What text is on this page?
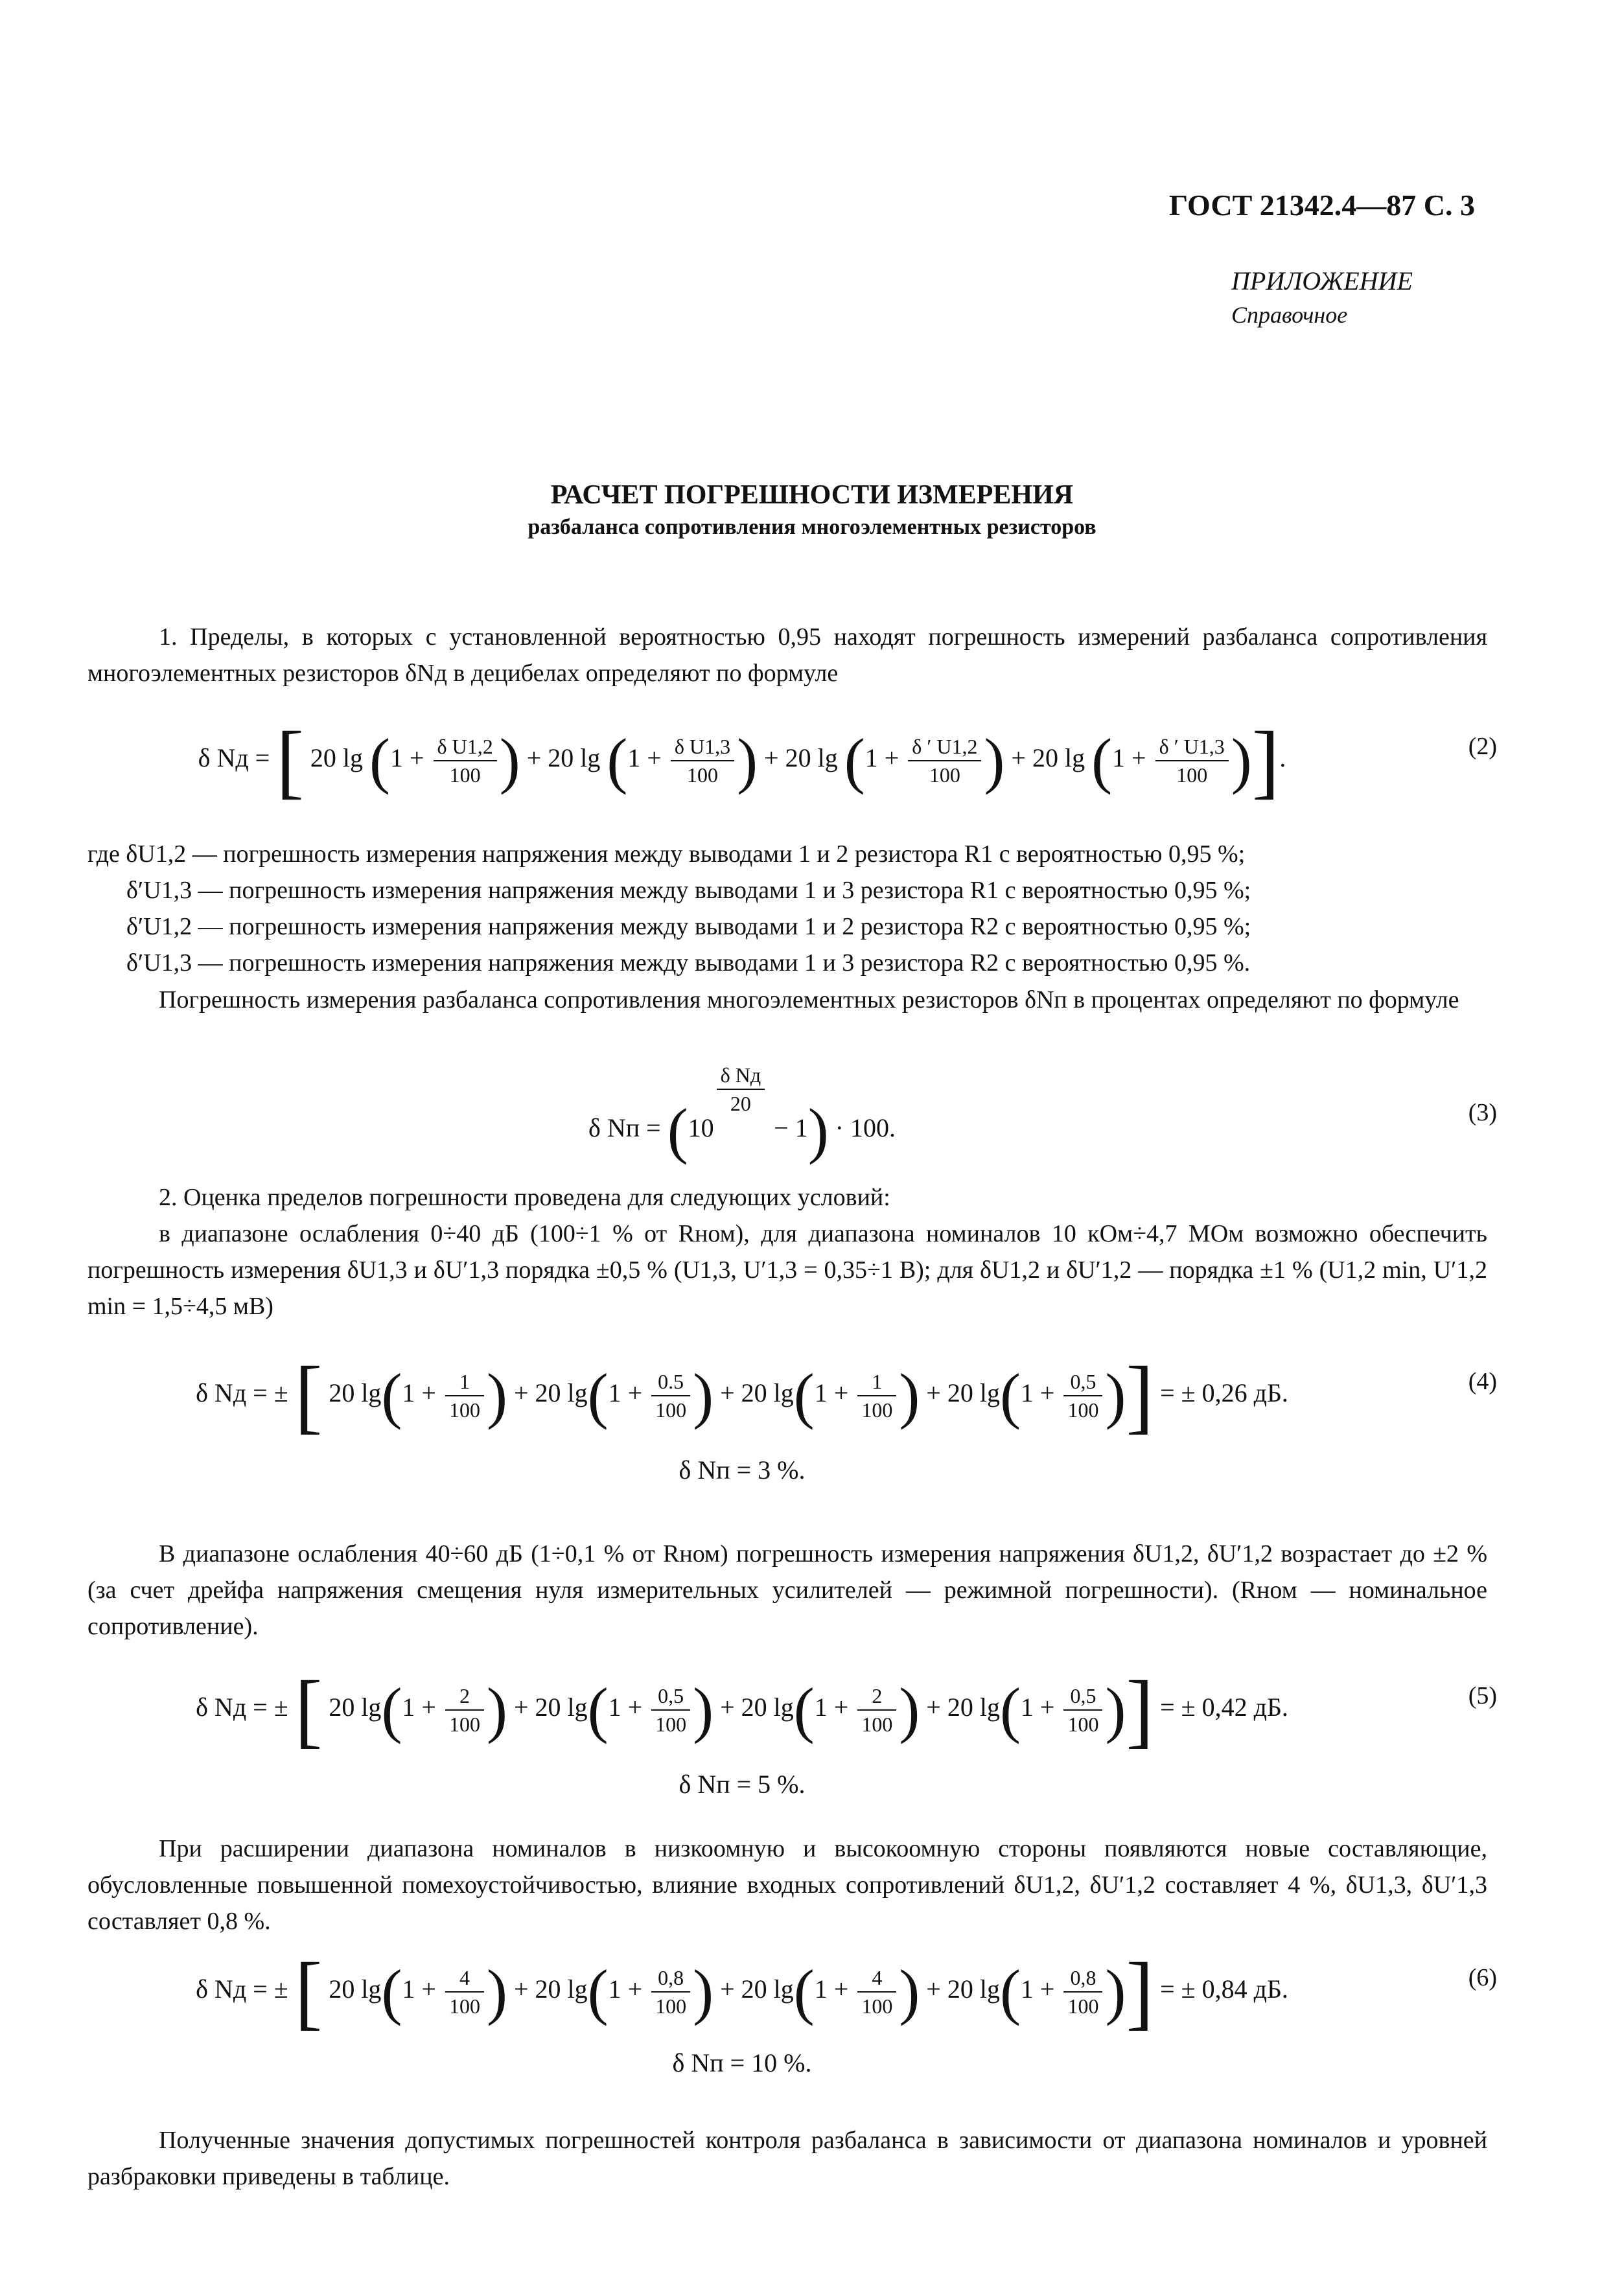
ГОСТ 21342.4—87 С. 3
ПРИЛОЖЕНИЕ
Справочное
РАСЧЕТ ПОГРЕШНОСТИ ИЗМЕРЕНИЯ
разбаланса сопротивления многоэлементных резисторов
1. Пределы, в которых с установленной вероятностью 0,95 находят погрешность измерений разбаланса сопротивления многоэлементных резисторов δNд в децибелах определяют по формуле
δ Nд = [ 20 $\lg (1 + \frac{\text{δ U1,2}}{100}$ ) + 20 $\lg (1 + \frac{\text{δ U1,3}}{100}$ ) + 20 $\lg (1 + \frac{\delta ' U1,2}{100}$ ) + 20 $\lg (1 + \frac{\delta ' U1,3}{100}$ )].	(2)
где δU1,2 — погрешность измерения напряжения между выводами 1 и 2 резистора R1 с вероятностью 0,95 %;
δ′U1,3 — погрешность измерения напряжения между выводами 1 и 3 резистора R1 с вероятностью 0,95 %;
δ′U1,2 — погрешность измерения напряжения между выводами 1 и 2 резистора R2 с вероятностью 0,95 %;
δ′U1,3 — погрешность измерения напряжения между выводами 1 и 3 резистора R2 с вероятностью 0,95 %.
Погрешность измерения разбаланса сопротивления многоэлементных резисторов δNп в процентах определяют по формуле
δ Nп = (10
$\frac{\text{δ Nд}}{20}$
− 1) · 100.
(3)
2. Оценка пределов погрешности проведена для следующих условий:
в диапазоне ослабления 0÷40 дБ (100÷1 % от Rном), для диапазона номиналов 10 кОм÷4,7 МОм возможно обеспечить погрешность измерения δU1,3 и δU′1,3 порядка ±0,5 % (U1,3, U′1,3 = 0,35÷1 В); для δU1,2 и δU′1,2 — порядка ±1 % (U1,2 min, U′1,2 min = 1,5÷4,5 мВ)
δ Nд = ± [ 20 $\lg(1 + \frac{1}{100}$ ) + 20 $\lg(1 + \frac{0.5}{100}$ ) + 20 $\lg(1 + \frac{1}{100}$ ) + 20 $\lg(1 + \frac{0,5}{100}$ )] = ± 0,26 дБ.	(4)
δ Nп = 3 %.
В диапазоне ослабления 40÷60 дБ (1÷0,1 % от Rном) погрешность измерения напряжения δU1,2, δU′1,2 возрастает до ±2 % (за счет дрейфа напряжения смещения нуля измерительных усилителей — режимной погрешности). (Rном — номинальное сопротивление).
δ Nд = ± [ 20 $\lg(1 + \frac{2}{100}$ ) + 20 $\lg(1 + \frac{0,5}{100}$ ) + 20 $\lg(1 + \frac{2}{100}$ ) + 20 $\lg(1 + \frac{0,5}{100}$ )] = ± 0,42 дБ.	(5)
δ Nп = 5 %.
При расширении диапазона номиналов в низкоомную и высокоомную стороны появляются новые составляющие, обусловленные повышенной помехоустойчивостью, влияние входных сопротивлений δU1,2, δU′1,2 составляет 4 %, δU1,3, δU′1,3 составляет 0,8 %.
δ Nд = ± [ 20 $\lg(1 + \frac{4}{100}$ ) + 20 $\lg(1 + \frac{0,8}{100}$ ) + 20 $\lg(1 + \frac{4}{100}$ ) + 20 $\lg(1 + \frac{0,8}{100}$ )] = ± 0,84 дБ.	(6)
δ Nп = 10 %.
Полученные значения допустимых погрешностей контроля разбаланса в зависимости от диапазона номиналов и уровней разбраковки приведены в таблице.
